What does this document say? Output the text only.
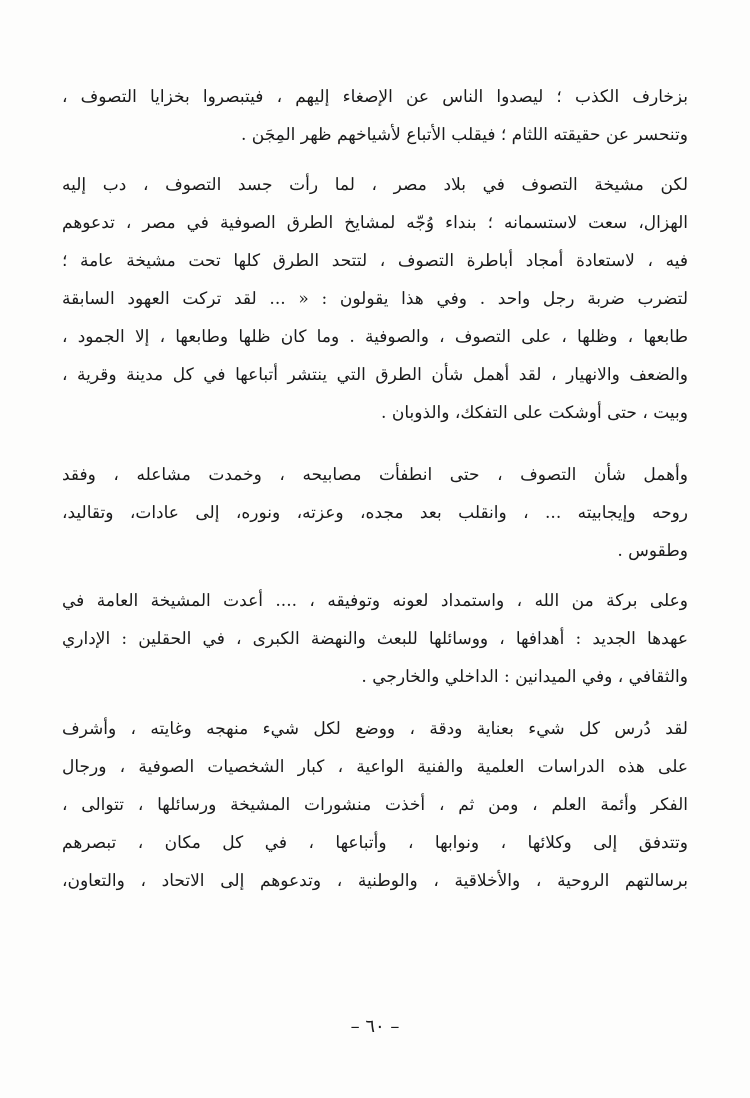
بزخارف الكذب ؛ ليصدوا الناس عن الإصغاء إليهم ، فيتبصروا بخزايا التصوف ،
وتنحسر عن حقيقته اللثام ؛ فيقلب الأتباع لأشياخهم ظهر المِجَن .
لكن مشيخة التصوف في بلاد مصر ، لما رأت جسد التصوف ، دب إليه
الهزال، سعت لاستسمانه ؛ بنداء وُجّه لمشايخ الطرق الصوفية في مصر ، تدعوهم
فيه ، لاستعادة أمجاد أباطرة التصوف ، لتتحد الطرق كلها تحت مشيخة عامة ؛
لتضرب ضربة رجل واحد . وفي هذا يقولون : « ... لقد تركت العهود السابقة
طابعها ، وظلها ، على التصوف ، والصوفية . وما كان ظلها وطابعها ، إلا الجمود ،
والضعف والانهيار ، لقد أهمل شأن الطرق التي ينتشر أتباعها في كل مدينة وقرية ،
وبيت ، حتى أوشكت على التفكك، والذوبان .
وأهمل شأن التصوف ، حتى انطفأت مصابيحه ، وخمدت مشاعله ، وفقد
روحه وإيجابيته ... ، وانقلب بعد مجده، وعزته، ونوره، إلى عادات، وتقاليد،
وطقوس .
وعلى بركة من الله ، واستمداد لعونه وتوفيقه ، .... أعدت المشيخة العامة في
عهدها الجديد : أهدافها ، ووسائلها للبعث والنهضة الكبرى ، في الحقلين : الإداري
والثقافي ، وفي الميدانين : الداخلي والخارجي .
لقد دُرس كل شيء بعناية ودقة ، ووضع لكل شيء منهجه وغايته ، وأشرف
على هذه الدراسات العلمية والفنية الواعية ، كبار الشخصيات الصوفية ، ورجال
الفكر وأئمة العلم ، ومن ثم ، أخذت منشورات المشيخة ورسائلها ، تتوالى ،
وتتدفق إلى وكلائها ، ونوابها ، وأتباعها ، في كل مكان ، تبصرهم
برسالتهم الروحية ، والأخلاقية ، والوطنية ، وتدعوهم إلى الاتحاد ، والتعاون،
– ٦٠ –
